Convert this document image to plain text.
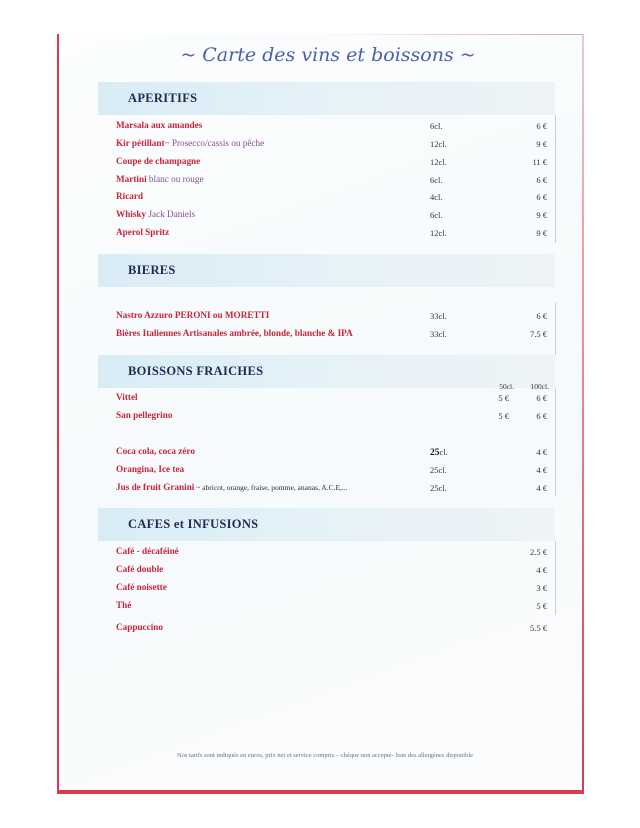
~ Carte des vins et boissons ~
APERITIFS
Marsala aux amandes	6cl.	6 €
Kir pétillant~ Prosecco/cassis ou pêche	12cl.	9 €
Coupe de champagne	12cl.	11 €
Martini blanc ou rouge	6cl.	6 €
Ricard	4cl.	6 €
Whisky Jack Daniels	6cl.	9 €
Aperol Spritz	12cl.	9 €
BIERES
Nastro Azzuro PERONI ou MORETTI	33cl.	6 €
Bières Italiennes Artisanales ambrée, blonde, blanche & IPA	33cl.	7.5 €
BOISSONS FRAICHES
50cl. 100cl.
Vittel	5 €	6 €
San pellegrino	5 €	6 €
Coca cola, coca zéro	25cl.	4 €
Orangina, Ice tea	25cl.	4 €
Jus de fruit Granini ~ abricot, orange, fraise, pomme, ananas, A.C.E,...	25cl.	4 €
CAFES et INFUSIONS
Café - décaféiné	2.5 €
Café double	4 €
Café noisette	3 €
Thé	5 €
Cappuccino	5.5 €
Nos tarifs sont indiqués en euros, prix net et service compris – chèque non accepté- liste des allergènes disponible
